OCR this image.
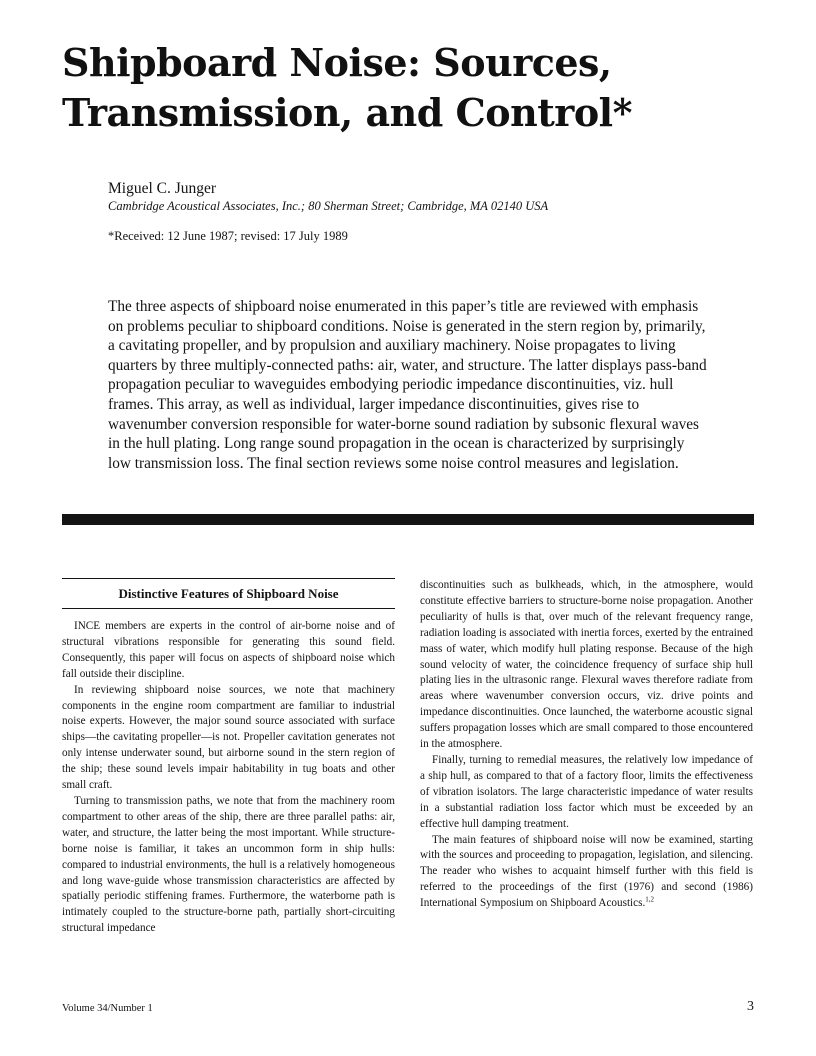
Shipboard Noise: Sources, Transmission, and Control*

Miguel C. Junger

Cambridge Acoustical Associates, Inc.; 80 Sherman Street; Cambridge, MA 02140 USA

*Received: 12 June 1987; revised: 17 July 1989

The three aspects of shipboard noise enumerated in this paper’s title are reviewed with emphasis on problems peculiar to shipboard conditions. Noise is generated in the stern region by, primarily, a cavitating propeller, and by propulsion and auxiliary machinery. Noise propagates to living quarters by three multiply-connected paths: air, water, and structure. The latter displays pass-band propagation peculiar to waveguides embodying periodic impedance discontinuities, viz. hull frames. This array, as well as individual, larger impedance discontinuities, gives rise to wavenumber conversion responsible for water-borne sound radiation by subsonic flexural waves in the hull plating. Long range sound propagation in the ocean is characterized by surprisingly low transmission loss. The final section reviews some noise control measures and legislation.

Distinctive Features of Shipboard Noise

INCE members are experts in the control of air-borne noise and of structural vibrations responsible for generating this sound field. Consequently, this paper will focus on aspects of shipboard noise which fall outside their discipline.

In reviewing shipboard noise sources, we note that machinery components in the engine room compartment are familiar to industrial noise experts. However, the major sound source associated with surface ships—the cavitating propeller—is not. Propeller cavitation generates not only intense underwater sound, but airborne sound in the stern region of the ship; these sound levels impair habitability in tug boats and other small craft.

Turning to transmission paths, we note that from the machinery room compartment to other areas of the ship, there are three parallel paths: air, water, and structure, the latter being the most important. While structure-borne noise is familiar, it takes an uncommon form in ship hulls: compared to industrial environments, the hull is a relatively homogeneous and long wave-guide whose transmission characteristics are affected by spatially periodic stiffening frames. Furthermore, the waterborne path is intimately coupled to the structure-borne path, partially short-circuiting structural impedance

discontinuities such as bulkheads, which, in the atmosphere, would constitute effective barriers to structure-borne noise propagation. Another peculiarity of hulls is that, over much of the relevant frequency range, radiation loading is associated with inertia forces, exerted by the entrained mass of water, which modify hull plating response. Because of the high sound velocity of water, the coincidence frequency of surface ship hull plating lies in the ultrasonic range. Flexural waves therefore radiate from areas where wavenumber conversion occurs, viz. drive points and impedance discontinuities. Once launched, the waterborne acoustic signal suffers propagation losses which are small compared to those encountered in the atmosphere.

Finally, turning to remedial measures, the relatively low impedance of a ship hull, as compared to that of a factory floor, limits the effectiveness of vibration isolators. The large characteristic impedance of water results in a substantial radiation loss factor which must be exceeded by an effective hull damping treatment.

The main features of shipboard noise will now be examined, starting with the sources and proceeding to propagation, legislation, and silencing. The reader who wishes to acquaint himself further with this field is referred to the proceedings of the first (1976) and second (1986) International Symposium on Shipboard Acoustics.$^{1,2}$

Volume 34/Number 1	3
